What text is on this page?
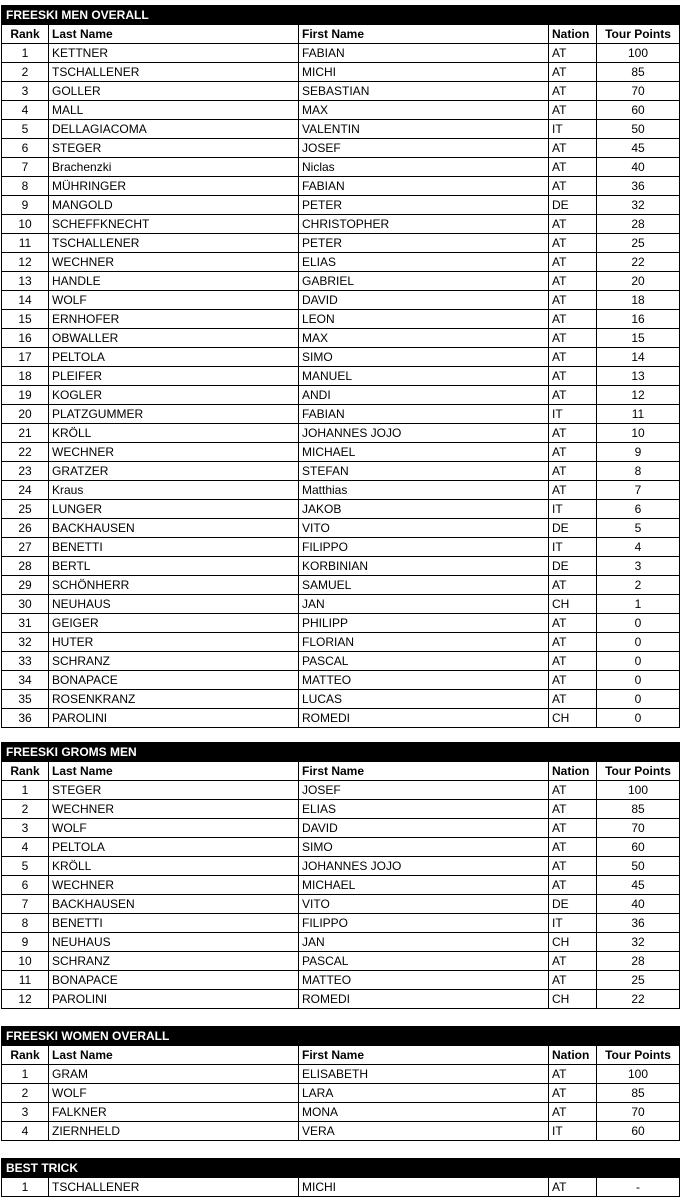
FREESKI MEN OVERALL				
Rank	Last Name	First Name	Nation	Tour Points
1	KETTNER	FABIAN	AT	100
2	TSCHALLENER	MICHI	AT	85
3	GOLLER	SEBASTIAN	AT	70
4	MALL	MAX	AT	60
5	DELLAGIACOMA	VALENTIN	IT	50
6	STEGER	JOSEF	AT	45
7	Brachenzki	Niclas	AT	40
8	MÜHRINGER	FABIAN	AT	36
9	MANGOLD	PETER	DE	32
10	SCHEFFKNECHT	CHRISTOPHER	AT	28
11	TSCHALLENER	PETER	AT	25
12	WECHNER	ELIAS	AT	22
13	HANDLE	GABRIEL	AT	20
14	WOLF	DAVID	AT	18
15	ERNHOFER	LEON	AT	16
16	OBWALLER	MAX	AT	15
17	PELTOLA	SIMO	AT	14
18	PLEIFER	MANUEL	AT	13
19	KOGLER	ANDI	AT	12
20	PLATZGUMMER	FABIAN	IT	11
21	KRÖLL	JOHANNES JOJO	AT	10
22	WECHNER	MICHAEL	AT	9
23	GRATZER	STEFAN	AT	8
24	Kraus	Matthias	AT	7
25	LUNGER	JAKOB	IT	6
26	BACKHAUSEN	VITO	DE	5
27	BENETTI	FILIPPO	IT	4
28	BERTL	KORBINIAN	DE	3
29	SCHÖNHERR	SAMUEL	AT	2
30	NEUHAUS	JAN	CH	1
31	GEIGER	PHILIPP	AT	0
32	HUTER	FLORIAN	AT	0
33	SCHRANZ	PASCAL	AT	0
34	BONAPACE	MATTEO	AT	0
35	ROSENKRANZ	LUCAS	AT	0
36	PAROLINI	ROMEDI	CH	0
FREESKI GROMS MEN				
Rank	Last Name	First Name	Nation	Tour Points
1	STEGER	JOSEF	AT	100
2	WECHNER	ELIAS	AT	85
3	WOLF	DAVID	AT	70
4	PELTOLA	SIMO	AT	60
5	KRÖLL	JOHANNES JOJO	AT	50
6	WECHNER	MICHAEL	AT	45
7	BACKHAUSEN	VITO	DE	40
8	BENETTI	FILIPPO	IT	36
9	NEUHAUS	JAN	CH	32
10	SCHRANZ	PASCAL	AT	28
11	BONAPACE	MATTEO	AT	25
12	PAROLINI	ROMEDI	CH	22
FREESKI WOMEN OVERALL				
Rank	Last Name	First Name	Nation	Tour Points
1	GRAM	ELISABETH	AT	100
2	WOLF	LARA	AT	85
3	FALKNER	MONA	AT	70
4	ZIERNHELD	VERA	IT	60
BEST TRICK				
1	TSCHALLENER	MICHI	AT	-
